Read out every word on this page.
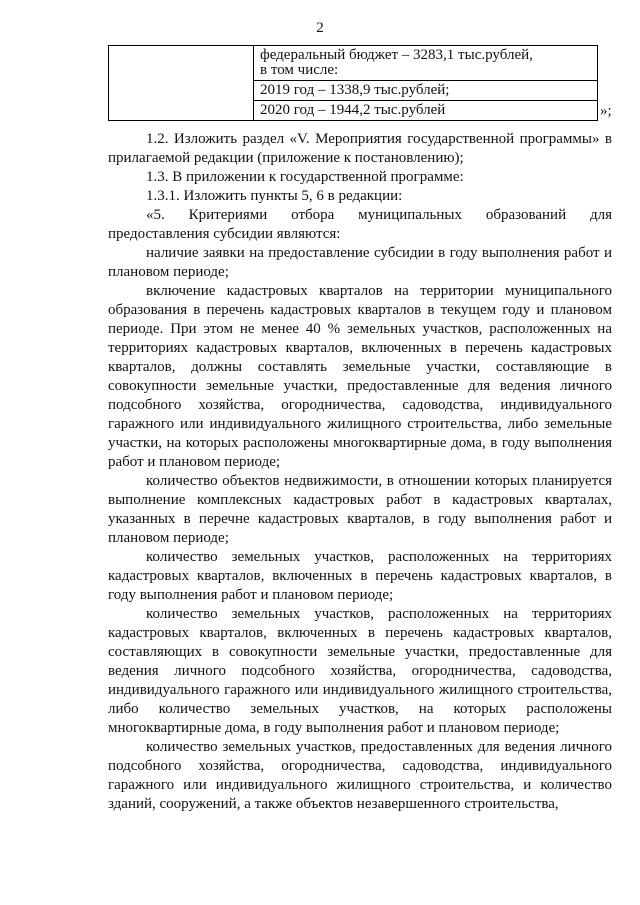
2

федеральный бюджет – 3283,1 тыс.рублей,
в том числе:

2019 год – 1338,9 тыс.рублей;

2020 год – 1944,2 тыс.рублей	»;

1.2. Изложить раздел «V. Мероприятия государственной программы» в прилагаемой редакции (приложение к постановлению);

1.3. В приложении к государственной программе:

1.3.1. Изложить пункты 5, 6 в редакции:

«5. Критериями отбора муниципальных образований для предоставления субсидии являются:

наличие заявки на предоставление субсидии в году выполнения работ и плановом периоде;

включение кадастровых кварталов на территории муниципального образования в перечень кадастровых кварталов в текущем году и плановом периоде. При этом не менее 40 % земельных участков, расположенных на территориях кадастровых кварталов, включенных в перечень кадастровых кварталов, должны составлять земельные участки, составляющие в совокупности земельные участки, предоставленные для ведения личного подсобного хозяйства, огородничества, садоводства, индивидуального гаражного или индивидуального жилищного строительства, либо земельные участки, на которых расположены многоквартирные дома, в году выполнения работ и плановом периоде;

количество объектов недвижимости, в отношении которых планируется выполнение комплексных кадастровых работ в кадастровых кварталах, указанных в перечне кадастровых кварталов, в году выполнения работ и плановом периоде;

количество земельных участков, расположенных на территориях кадастровых кварталов, включенных в перечень кадастровых кварталов, в году выполнения работ и плановом периоде;

количество земельных участков, расположенных на территориях кадастровых кварталов, включенных в перечень кадастровых кварталов, составляющих в совокупности земельные участки, предоставленные для ведения личного подсобного хозяйства, огородничества, садоводства, индивидуального гаражного или индивидуального жилищного строительства, либо количество земельных участков, на которых расположены многоквартирные дома, в году выполнения работ и плановом периоде;

количество земельных участков, предоставленных для ведения личного подсобного хозяйства, огородничества, садоводства, индивидуального гаражного или индивидуального жилищного строительства, и количество зданий, сооружений, а также объектов незавершенного строительства,
